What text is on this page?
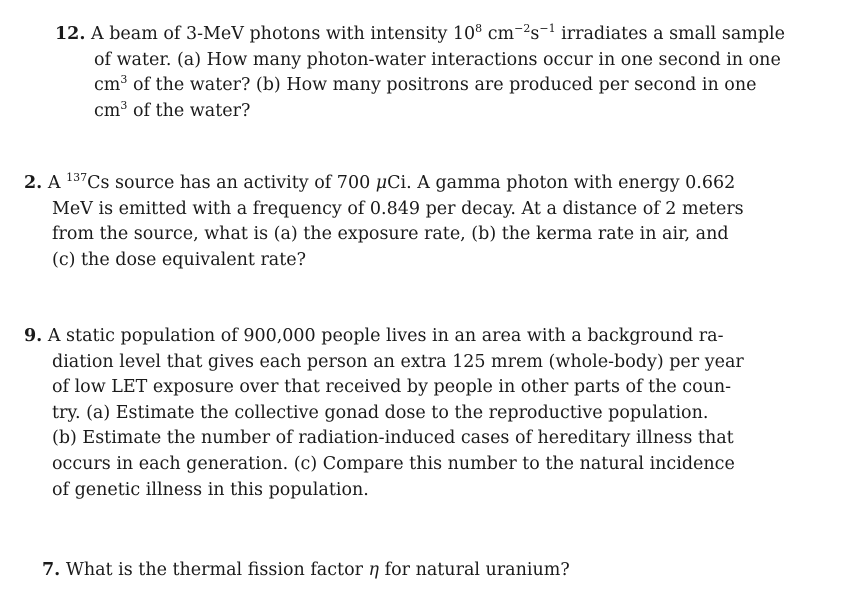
12. A beam of 3-MeV photons with intensity $10^8$ $cm^{-2}s^{-1}$ irradiates a small sample
of water. (a) How many photon-water interactions occur in one second in one
$cm^3$ of the water? (b) How many positrons are produced per second in one
$cm^3$ of the water?
2. A $^{137}$Cs source has an activity of 700 μCi. A gamma photon with energy 0.662
MeV is emitted with a frequency of 0.849 per decay. At a distance of 2 meters
from the source, what is (a) the exposure rate, (b) the kerma rate in air, and
(c) the dose equivalent rate?
9. A static population of 900,000 people lives in an area with a background ra-
diation level that gives each person an extra 125 mrem (whole-body) per year
of low LET exposure over that received by people in other parts of the coun-
try. (a) Estimate the collective gonad dose to the reproductive population.
(b) Estimate the number of radiation-induced cases of hereditary illness that
occurs in each generation. (c) Compare this number to the natural incidence
of genetic illness in this population.
7. What is the thermal fission factor η for natural uranium?
